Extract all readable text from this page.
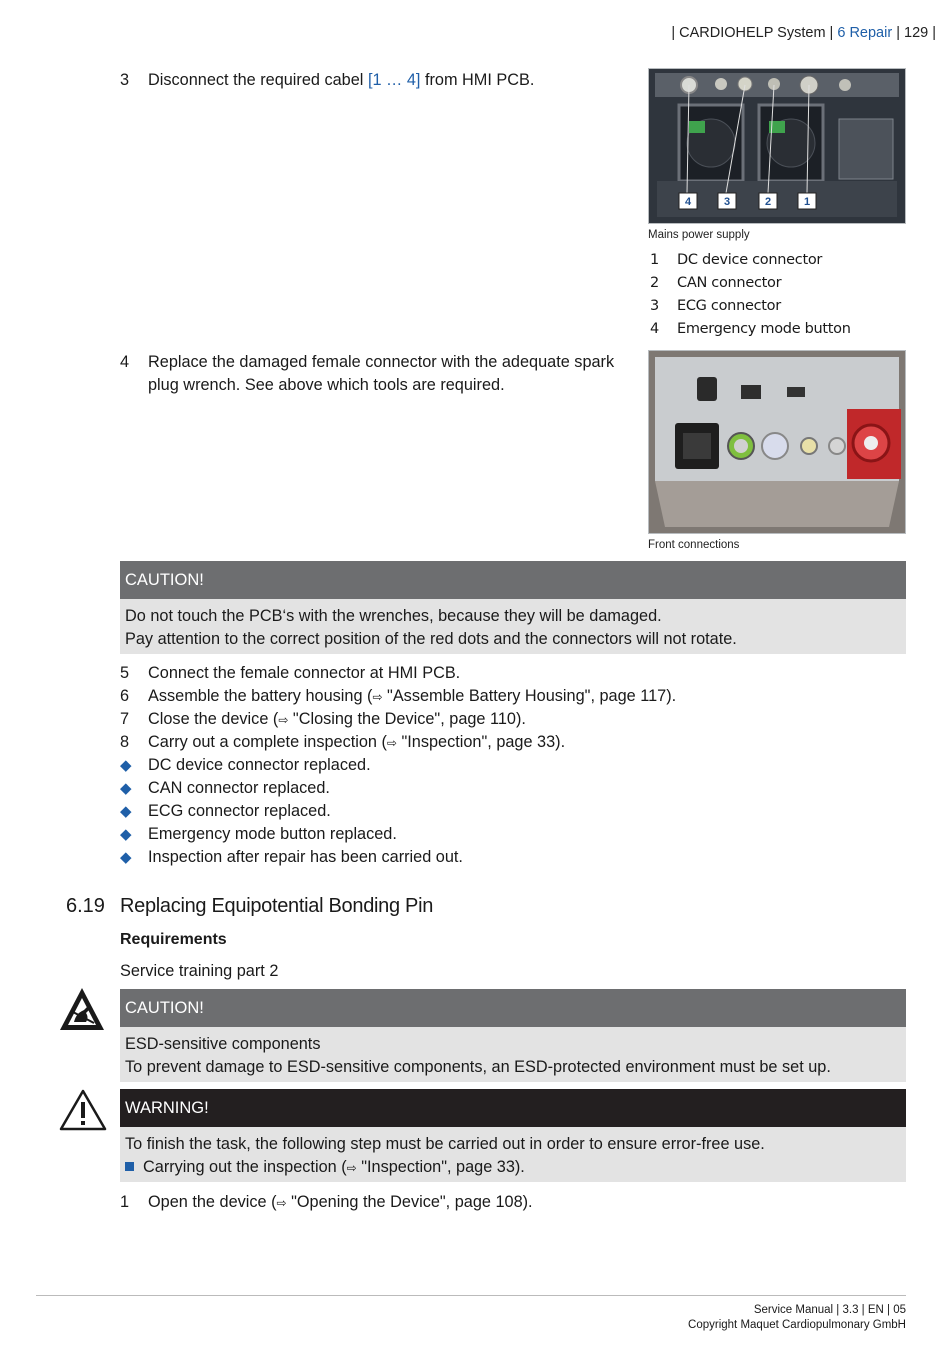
| CARDIOHELP System | 6 Repair | 129 |
3	Disconnect the required cabel [1 … 4] from HMI PCB.
4	3	2	1
Mains power supply
1 DC device connector
2 CAN connector
3 ECG connector
4 Emergency mode button
4	Replace the damaged female connector with the adequate spark
plug wrench. See above which tools are required.
Front connections
CAUTION!
Do not touch the PCB‘s with the wrenches, because they will be damaged.
Pay attention to the correct position of the red dots and the connectors will not rotate.
5	Connect the female connector at HMI PCB.
6	Assemble the battery housing (⇨ "Assemble Battery Housing", page 117).
7	Close the device (⇨ "Closing the Device", page 110).
8	Carry out a complete inspection (⇨ "Inspection", page 33).
◆	DC device connector replaced.
◆	CAN connector replaced.
◆	ECG connector replaced.
◆	Emergency mode button replaced.
◆	Inspection after repair has been carried out.
6.19 Replacing Equipotential Bonding Pin
Requirements
Service training part 2
CAUTION!
ESD-sensitive components
To prevent damage to ESD-sensitive components, an ESD-protected environment must be set up.
WARNING!
To finish the task, the following step must be carried out in order to ensure error-free use.
Carrying out the inspection (⇨ "Inspection", page 33).
1	Open the device (⇨ "Opening the Device", page 108).
Service Manual | 3.3 | EN | 05
Copyright Maquet Cardiopulmonary GmbH
